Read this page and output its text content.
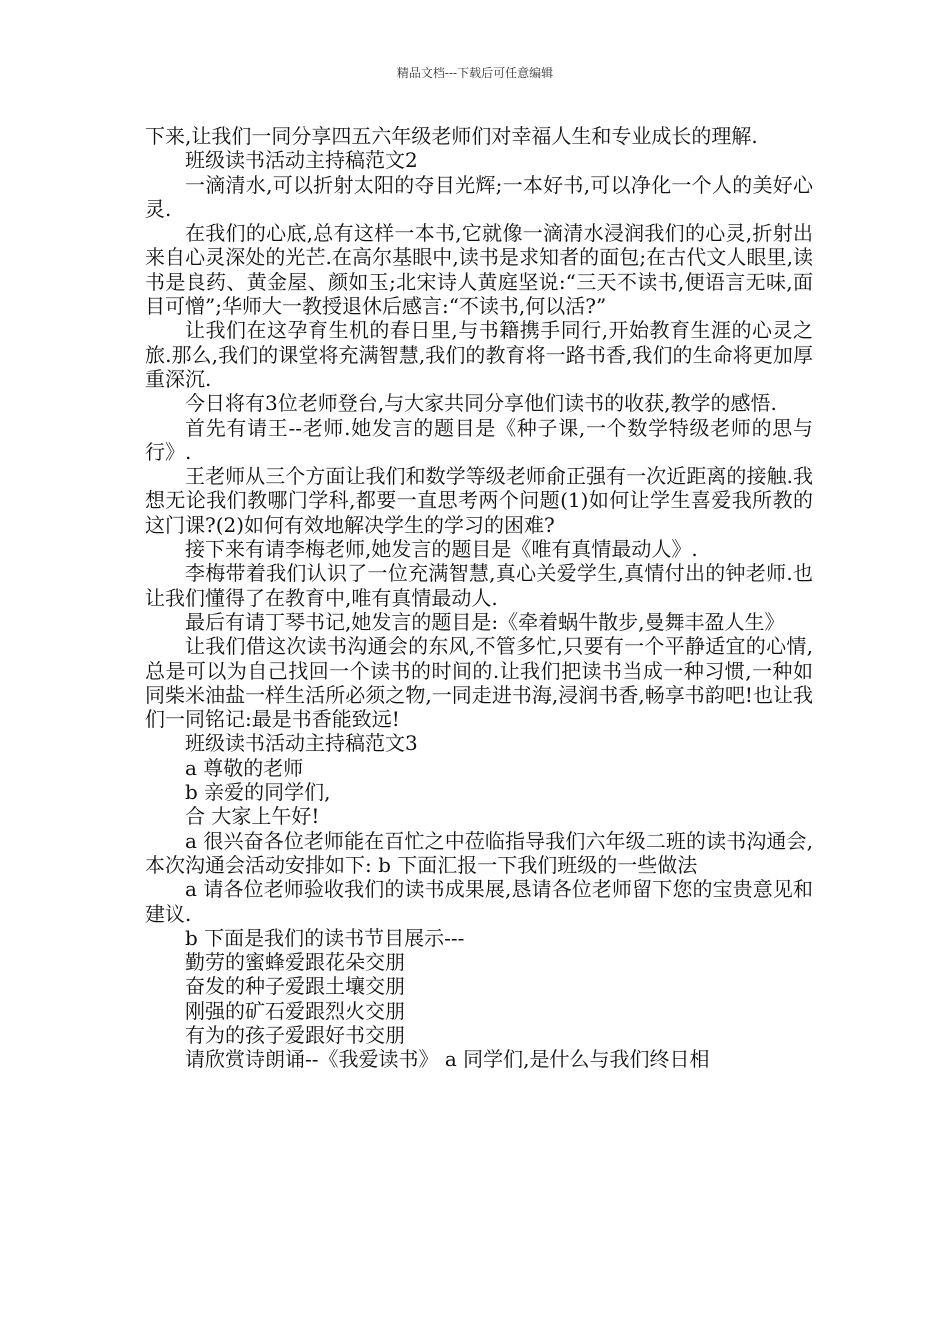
精品文档---下载后可任意编辑

下来,让我们一同分享四五六年级老师们对幸福人生和专业成长的理解.

班级读书活动主持稿范文2

一滴清水,可以折射太阳的夺目光辉;一本好书,可以净化一个人的美好心灵.

在我们的心底,总有这样一本书,它就像一滴清水浸润我们的心灵,折射出来自心灵深处的光芒.在高尔基眼中,读书是求知者的面包;在古代文人眼里,读书是良药、黄金屋、颜如玉;北宋诗人黄庭坚说:“三天不读书,便语言无味,面目可憎”;华师大一教授退休后感言:“不读书,何以活?”

让我们在这孕育生机的春日里,与书籍携手同行,开始教育生涯的心灵之旅.那么,我们的课堂将充满智慧,我们的教育将一路书香,我们的生命将更加厚重深沉.

今日将有3位老师登台,与大家共同分享他们读书的收获,教学的感悟.

首先有请王--老师.她发言的题目是《种子课,一个数学特级老师的思与行》.

王老师从三个方面让我们和数学等级老师俞正强有一次近距离的接触.我想无论我们教哪门学科,都要一直思考两个问题(1)如何让学生喜爱我所教的这门课?(2)如何有效地解决学生的学习的困难?

接下来有请李梅老师,她发言的题目是《唯有真情最动人》.

李梅带着我们认识了一位充满智慧,真心关爱学生,真情付出的钟老师.也让我们懂得了在教育中,唯有真情最动人.

最后有请丁琴书记,她发言的题目是:《牵着蜗牛散步,曼舞丰盈人生》

让我们借这次读书沟通会的东风,不管多忙,只要有一个平静适宜的心情,总是可以为自己找回一个读书的时间的.让我们把读书当成一种习惯,一种如同柴米油盐一样生活所必须之物,一同走进书海,浸润书香,畅享书韵吧!也让我们一同铭记:最是书香能致远!

班级读书活动主持稿范文3

a 尊敬的老师

b 亲爱的同学们,

合 大家上午好!

a 很兴奋各位老师能在百忙之中莅临指导我们六年级二班的读书沟通会,本次沟通会活动安排如下: b 下面汇报一下我们班级的一些做法

a 请各位老师验收我们的读书成果展,恳请各位老师留下您的宝贵意见和建议.

b 下面是我们的读书节目展示---

勤劳的蜜蜂爱跟花朵交朋

奋发的种子爱跟土壤交朋

刚强的矿石爱跟烈火交朋

有为的孩子爱跟好书交朋

请欣赏诗朗诵--《我爱读书》 a 同学们,是什么与我们终日相
